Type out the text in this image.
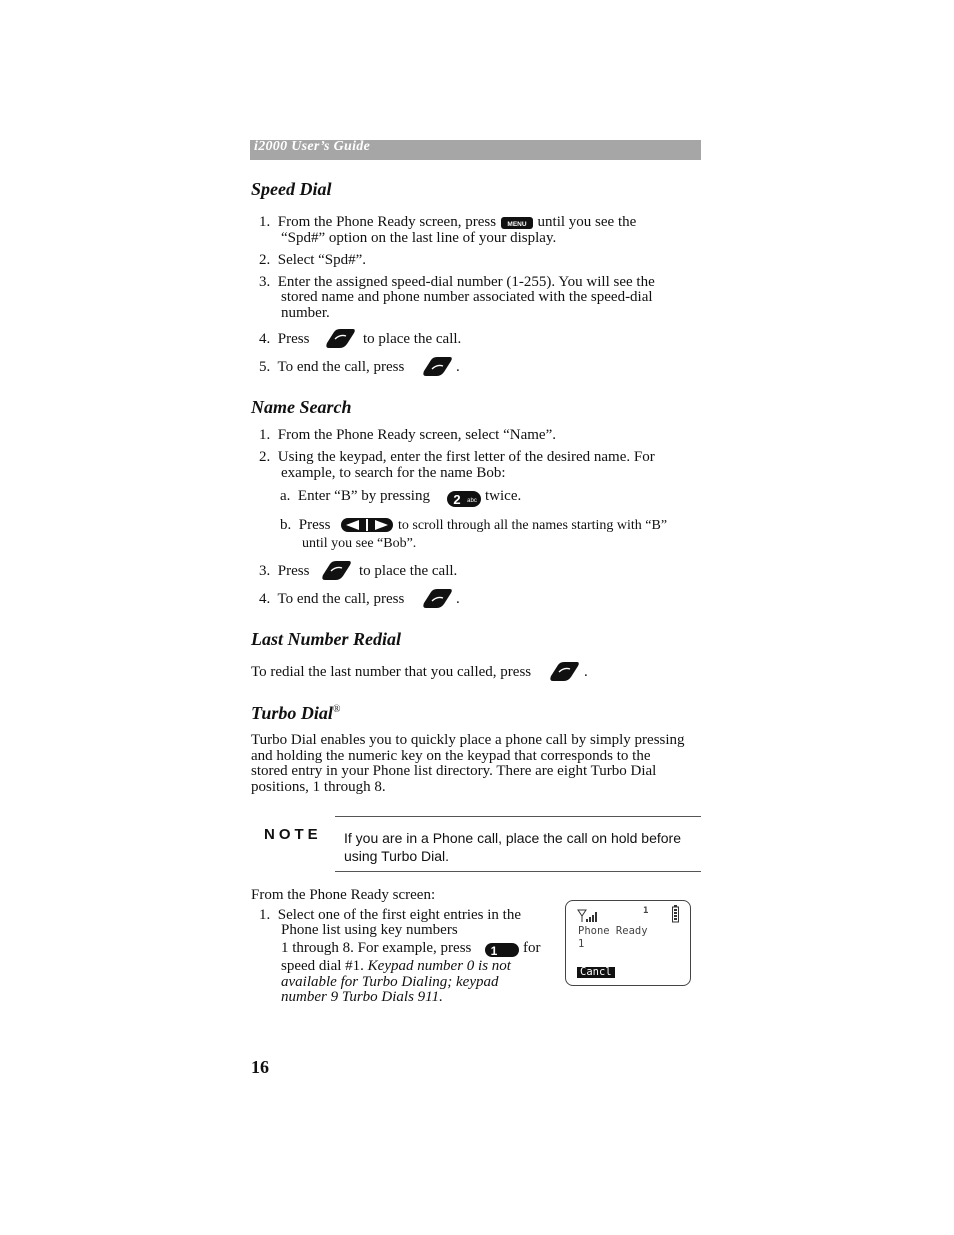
i2000 User’s Guide
Speed Dial
1. From the Phone Ready screen, press MENU until you see the
“Spd#” option on the last line of your display.
2. Select “Spd#”.
3. Enter the assigned speed-dial number (1-255). You will see the
stored name and phone number associated with the speed-dial
number.
4. Press	to place the call.
5. To end the call, press	.
Name Search
1. From the Phone Ready screen, select “Name”.
2. Using the keypad, enter the first letter of the desired name. For
example, to search for the name Bob:
a. Enter “B” by pressing 2 abc twice.
b. Press	to scroll through all the names starting with “B”
until you see “Bob”.
3. Press	to place the call.
4. To end the call, press	.
Last Number Redial
To redial the last number that you called, press	.
Turbo Dial®
Turbo Dial enables you to quickly place a phone call by simply pressing
and holding the numeric key on the keypad that corresponds to the
stored entry in your Phone list directory. There are eight Turbo Dial
positions, 1 through 8.
NOTE If you are in a Phone call, place the call on hold before using Turbo Dial.
From the Phone Ready screen:
1. Select one of the first eight entries in the
Phone list using key numbers
1 through 8. For example, press 1 for
speed dial #1. Keypad number 0 is not
available for Turbo Dialing; keypad
number 9 Turbo Dials 911.
1
Phone Ready
1
Cancl
16
